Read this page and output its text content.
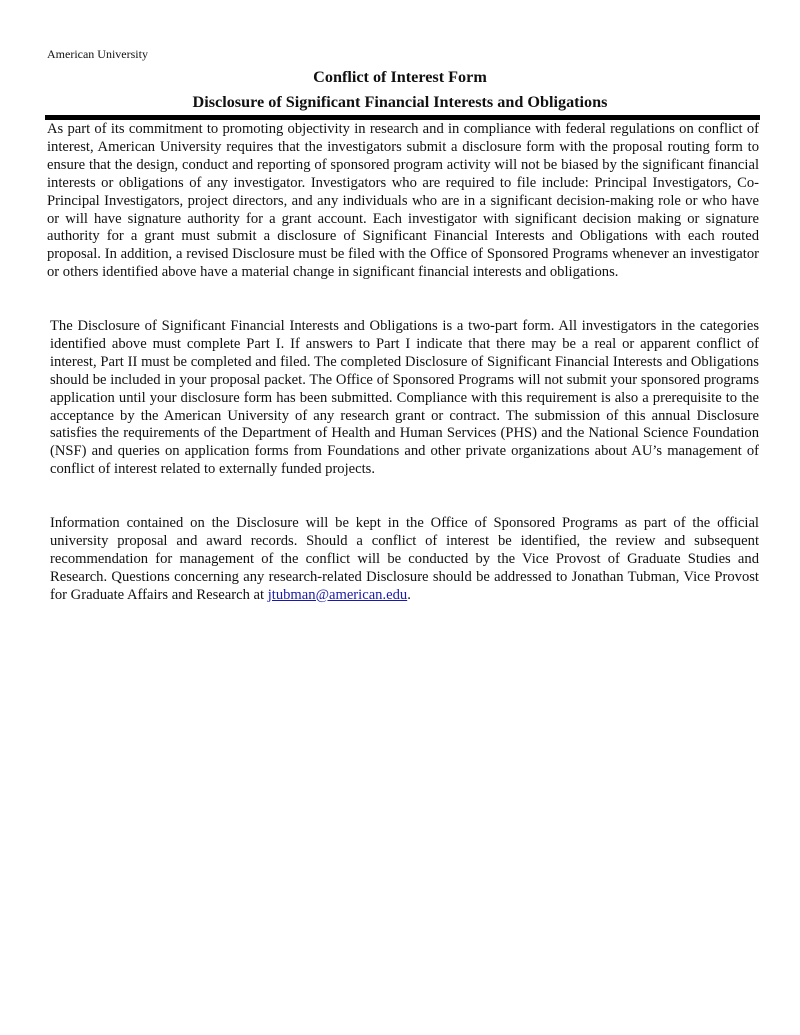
American University
Conflict of Interest Form
Disclosure of Significant Financial Interests and Obligations

As part of its commitment to promoting objectivity in research and in compliance with federal regulations on conflict of interest, American University requires that the investigators submit a disclosure form with the proposal routing form to ensure that the design, conduct and reporting of sponsored program activity will not be biased by the significant financial interests or obligations of any investigator. Investigators who are required to file include: Principal Investigators, Co-Principal Investigators, project directors, and any individuals who are in a significant decision-making role or who have or will have signature authority for a grant account. Each investigator with significant decision making or signature authority for a grant must submit a disclosure of Significant Financial Interests and Obligations with each routed proposal. In addition, a revised Disclosure must be filed with the Office of Sponsored Programs whenever an investigator or others identified above have a material change in significant financial interests and obligations.

The Disclosure of Significant Financial Interests and Obligations is a two-part form. All investigators in the categories identified above must complete Part I. If answers to Part I indicate that there may be a real or apparent conflict of interest, Part II must be completed and filed. The completed Disclosure of Significant Financial Interests and Obligations should be included in your proposal packet. The Office of Sponsored Programs will not submit your sponsored programs application until your disclosure form has been submitted. Compliance with this requirement is also a prerequisite to the acceptance by the American University of any research grant or contract. The submission of this annual Disclosure satisfies the requirements of the Department of Health and Human Services (PHS) and the National Science Foundation (NSF) and queries on application forms from Foundations and other private organizations about AU’s management of conflict of interest related to externally funded projects.

Information contained on the Disclosure will be kept in the Office of Sponsored Programs as part of the official university proposal and award records. Should a conflict of interest be identified, the review and subsequent recommendation for management of the conflict will be conducted by the Vice Provost of Graduate Studies and Research. Questions concerning any research-related Disclosure should be addressed to Jonathan Tubman, Vice Provost for Graduate Affairs and Research at jtubman@american.edu.
